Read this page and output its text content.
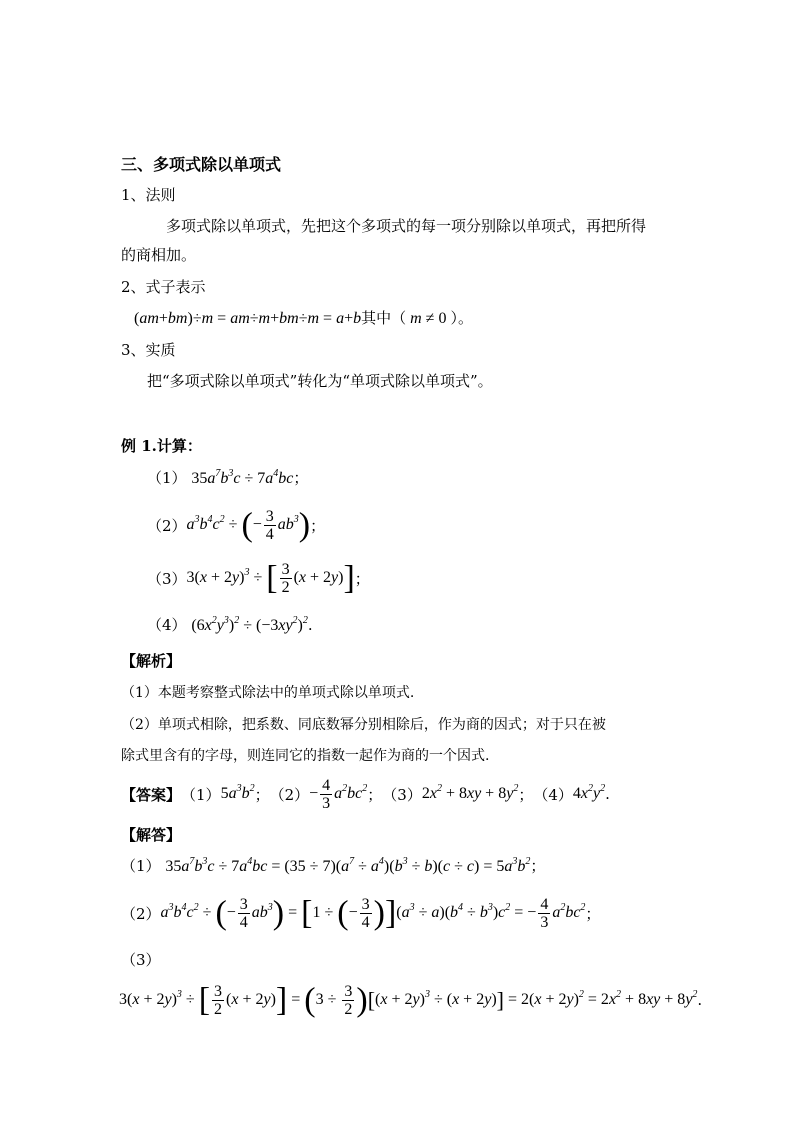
三、多项式除以单项式
1、法则
多项式除以单项式，先把这个多项式的每一项分别除以单项式，再把所得
的商相加。
2、式子表示
(am+bm)÷m = am÷m+bm÷m = a+b其中（ m ≠ 0 ）。
3、实质
把“多项式除以单项式”转化为“单项式除以单项式”。
例 1.计算：
（1） $35a^7b^3c \div 7a^4bc$；
（2） $a^3b^4c^2$ ÷ (− $\frac{3}{4} ab^3$) ；
（3） $3(x + 2y)^3$ ÷ [ $\frac{3}{2} (x + 2y)$] ；
（4） $(6x^2y^3)^2 \div (-3xy^2)^2$.
【解析】
（1）本题考察整式除法中的单项式除以单项式.
（2）单项式相除，把系数、同底数幂分别相除后，作为商的因式；对于只在被
除式里含有的字母，则连同它的指数一起作为商的一个因式.
【答案】 （1） $5a^3b^2$ ； $(2) - \frac{4}{3} a^2bc^2$ ； （3） $2x^2 + 8xy + 8y^2$ ； （4） $4x^2y^2$ .
【解答】
（1） $35a^7b^3c \div 7a^4bc = (35 \div 7)(a^7 \div a^4)(b^3 \div b)(c \div c) = 5a^3b^2$；
（2） $a^3b^4c^2$ ÷ (− $\frac{3}{4} ab^3) = [1$ ÷ (− $\frac{3}{4} )](a^3 \div a)(b^4 \div b^3)c^2$ = − $\frac{4}{3} a^2bc^2$ ；
（3）
$3(x + 2y)^3$ ÷ [ $\frac{3}{2} (x + 2y)] = (3 \div \frac{3}{2} )[(x + 2y)^3 \div (x + 2y)] = 2(x + 2y)^2 = 2x^2 + 8xy + 8y^2$ .
